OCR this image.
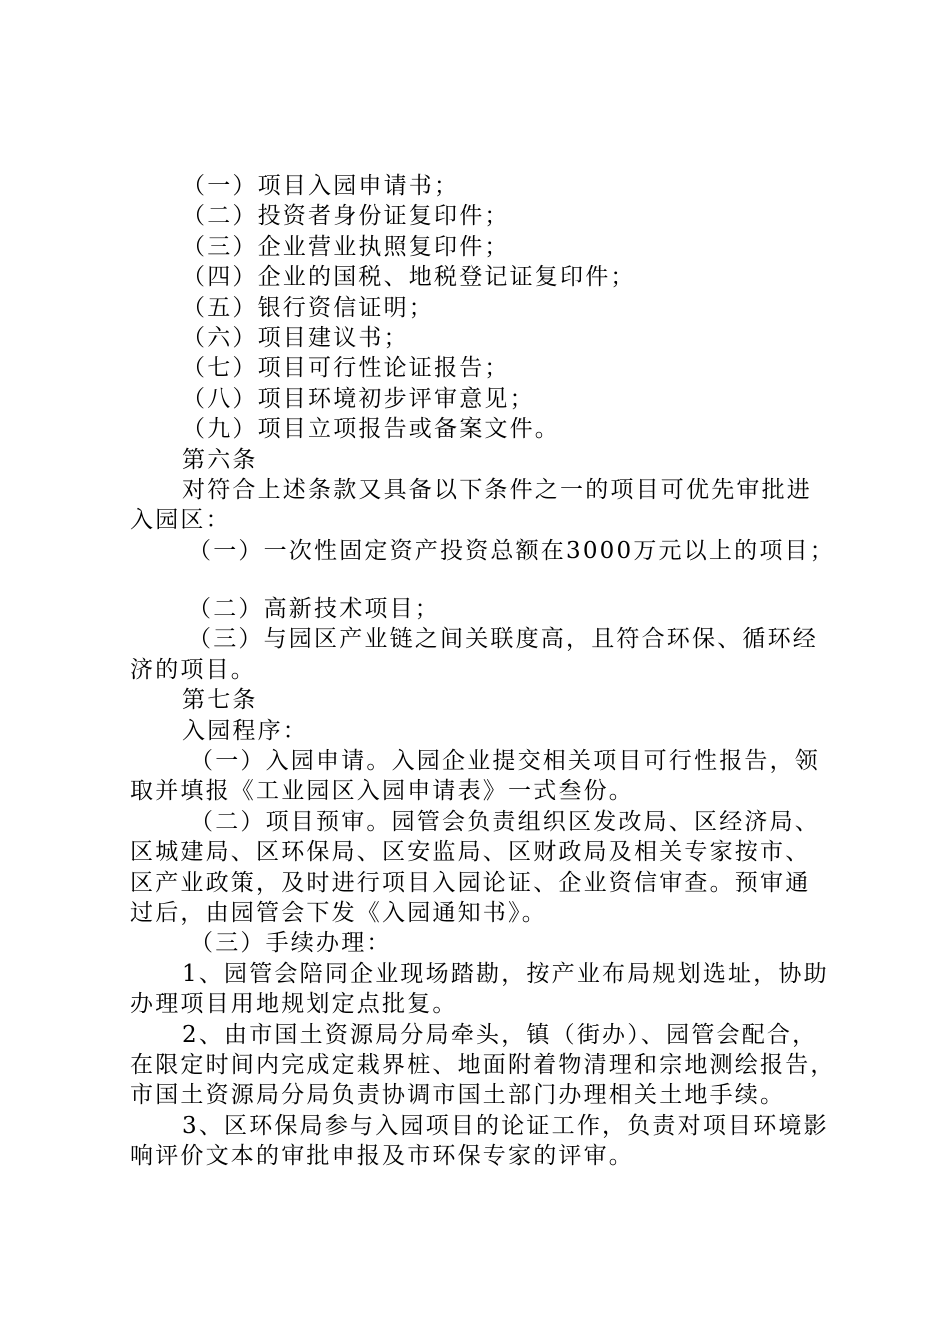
（一）项目入园申请书；
（二）投资者身份证复印件；
（三）企业营业执照复印件；
（四）企业的国税、地税登记证复印件；
（五）银行资信证明；
（六）项目建议书；
（七）项目可行性论证报告；
（八）项目环境初步评审意见；
（九）项目立项报告或备案文件。
第六条
对符合上述条款又具备以下条件之一的项目可优先审批进
入园区：
（一）一次性固定资产投资总额在3000万元以上的项目；
（二）高新技术项目；
（三）与园区产业链之间关联度高，且符合环保、循环经
济的项目。
第七条
入园程序：
（一）入园申请。入园企业提交相关项目可行性报告，领
取并填报《工业园区入园申请表》一式叁份。
（二）项目预审。园管会负责组织区发改局、区经济局、
区城建局、区环保局、区安监局、区财政局及相关专家按市、
区产业政策，及时进行项目入园论证、企业资信审查。预审通
过后，由园管会下发《入园通知书》。
（三）手续办理：
1、园管会陪同企业现场踏勘，按产业布局规划选址，协助
办理项目用地规划定点批复。
2、由市国土资源局分局牵头，镇（街办）、园管会配合，
在限定时间内完成定栽界桩、地面附着物清理和宗地测绘报告，
市国土资源局分局负责协调市国土部门办理相关土地手续。
3、区环保局参与入园项目的论证工作，负责对项目环境影
响评价文本的审批申报及市环保专家的评审。
